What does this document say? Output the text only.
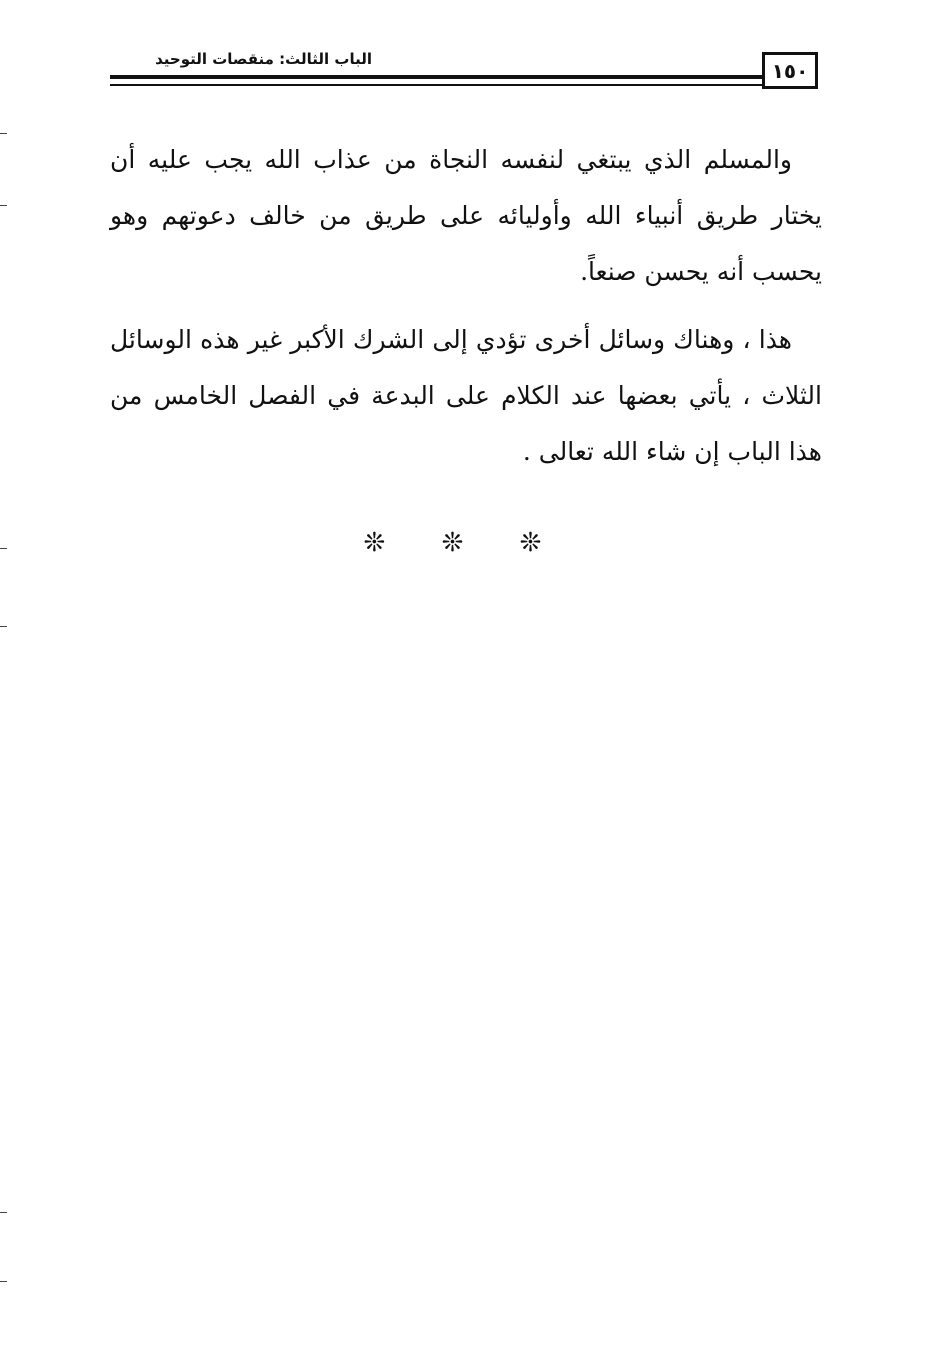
الباب الثالث: منقصات التوحيد	١٥٠

والمسلم الذي يبتغي لنفسه النجاة من عذاب الله يجب عليه أن يختار طريق أنبياء الله وأوليائه على طريق من خالف دعوتهم وهو يحسب أنه يحسن صنعاً.

هذا ، وهناك وسائل أخرى تؤدي إلى الشرك الأكبر غير هذه الوسائل الثلاث ، يأتي بعضها عند الكلام على البدعة في الفصل الخامس من هذا الباب إن شاء الله تعالى .

❊ ❊ ❊
